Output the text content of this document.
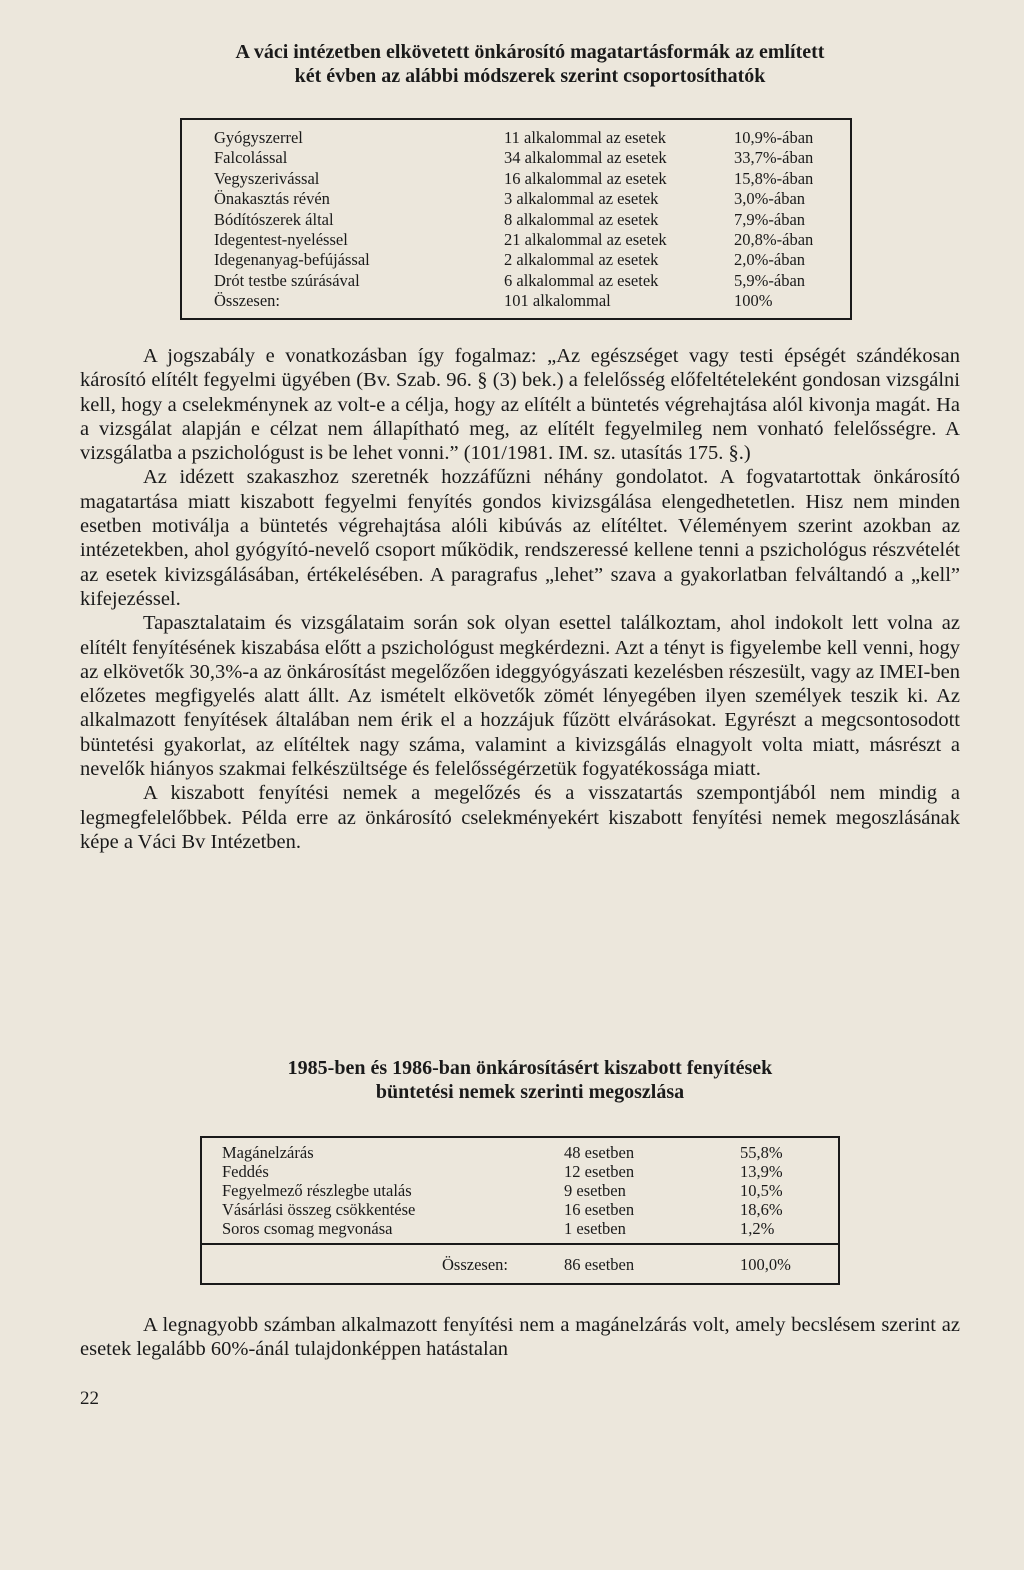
A váci intézetben elkövetett önkárosító magatartásformák az említett
két évben az alábbi módszerek szerint csoportosíthatók
Gyógyszerrel	11 alkalommal az esetek	10,9%-ában
Falcolással	34 alkalommal az esetek	33,7%-ában
Vegyszerivással	16 alkalommal az esetek	15,8%-ában
Önakasztás révén	3 alkalommal az esetek	3,0%-ában
Bódítószerek által	8 alkalommal az esetek	7,9%-ában
Idegentest-nyeléssel	21 alkalommal az esetek	20,8%-ában
Idegenanyag-befújással	2 alkalommal az esetek	2,0%-ában
Drót testbe szúrásával	6 alkalommal az esetek	5,9%-ában
Összesen:	101 alkalommal	100%

A jogszabály e vonatkozásban így fogalmaz: „Az egészséget vagy testi épségét szándékosan károsító elítélt fegyelmi ügyében (Bv. Szab. 96. § (3) bek.) a felelősség előfeltételeként gondosan vizsgálni kell, hogy a cselekménynek az volt-e a célja, hogy az elítélt a büntetés végrehajtása alól kivonja magát. Ha a vizsgálat alapján e célzat nem állapítható meg, az elítélt fegyelmileg nem vonható felelősségre. A vizsgálatba a pszichológust is be lehet vonni.” (101/1981. IM. sz. utasítás 175. §.)

Az idézett szakaszhoz szeretnék hozzáfűzni néhány gondolatot. A fogvatartottak önkárosító magatartása miatt kiszabott fegyelmi fenyítés gondos kivizsgálása elengedhetetlen. Hisz nem minden esetben motiválja a büntetés végrehajtása alóli kibúvás az elítéltet. Véleményem szerint azokban az intézetekben, ahol gyógyító-nevelő csoport működik, rendszeressé kellene tenni a pszichológus részvételét az esetek kivizsgálásában, értékelésében. A paragrafus „lehet” szava a gyakorlatban felváltandó a „kell” kifejezéssel.

Tapasztalataim és vizsgálataim során sok olyan esettel találkoztam, ahol indokolt lett volna az elítélt fenyítésének kiszabása előtt a pszichológust megkérdezni. Azt a tényt is figyelembe kell venni, hogy az elkövetők 30,3%-a az önkárosítást megelőzően ideggyógyászati kezelésben részesült, vagy az IMEI-ben előzetes megfigyelés alatt állt. Az ismételt elkövetők zömét lényegében ilyen személyek teszik ki. Az alkalmazott fenyítések általában nem érik el a hozzájuk fűzött elvárásokat. Egyrészt a megcsontosodott büntetési gyakorlat, az elítéltek nagy száma, valamint a kivizsgálás elnagyolt volta miatt, másrészt a nevelők hiányos szakmai felkészültsége és felelősségérzetük fogyatékossága miatt.

A kiszabott fenyítési nemek a megelőzés és a visszatartás szempontjából nem mindig a legmegfelelőbbek. Példa erre az önkárosító cselekményekért kiszabott fenyítési nemek megoszlásának képe a Váci Bv Intézetben.

1985-ben és 1986-ban önkárosításért kiszabott fenyítések
büntetési nemek szerinti megoszlása
Magánelzárás	48 esetben	55,8%
Feddés	12 esetben	13,9%
Fegyelmező részlegbe utalás	9 esetben	10,5%
Vásárlási összeg csökkentése	16 esetben	18,6%
Soros csomag megvonása	1 esetben	1,2%
Összesen:	86 esetben	100,0%

A legnagyobb számban alkalmazott fenyítési nem a magánelzárás volt, amely becslésem szerint az esetek legalább 60%-ánál tulajdonképpen hatástalan

22
